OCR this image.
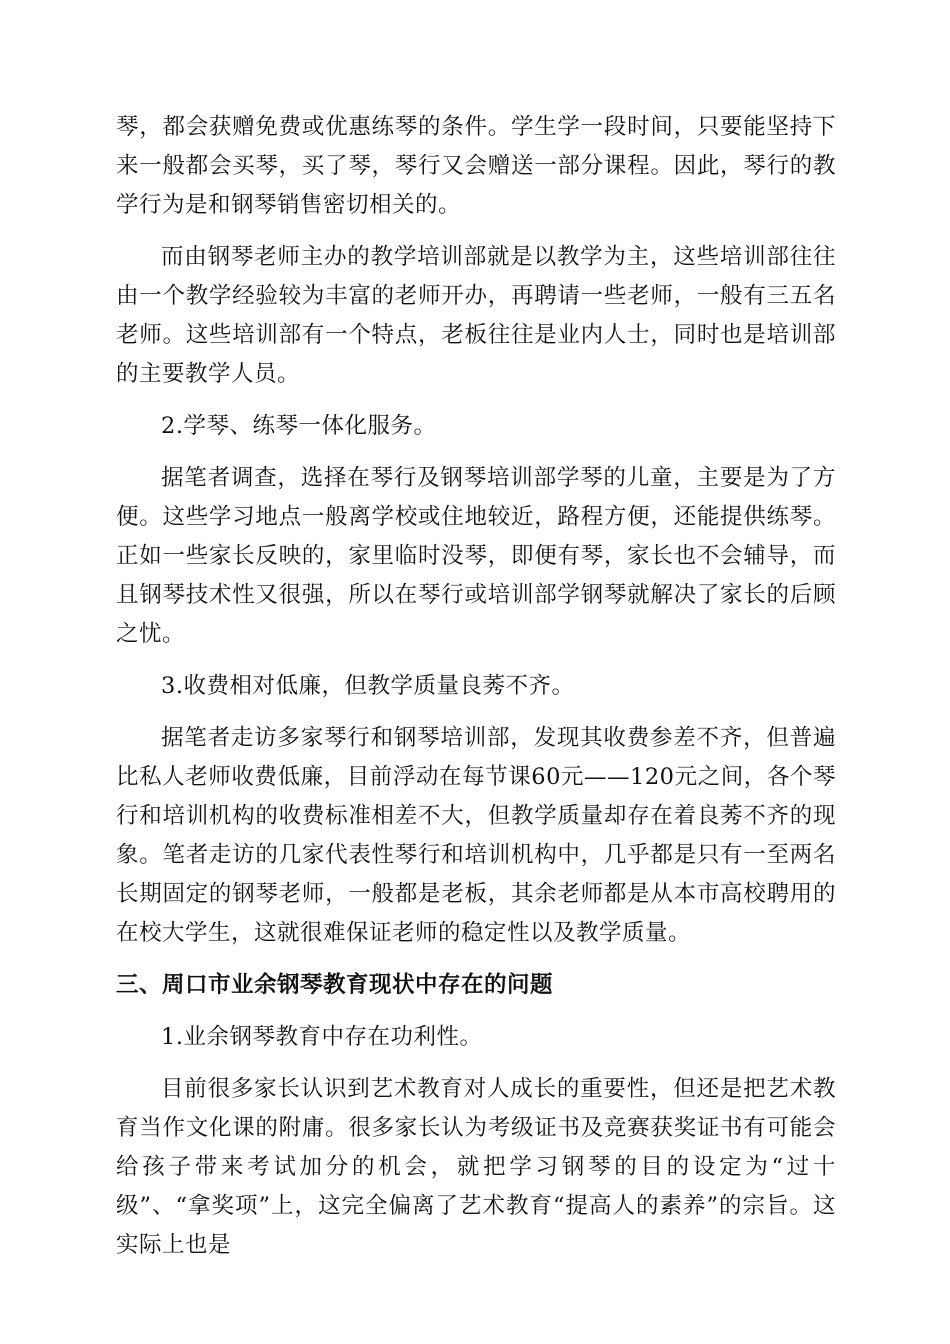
琴，都会获赠免费或优惠练琴的条件。学生学一段时间，只要能坚持下来一般都会买琴，买了琴，琴行又会赠送一部分课程。因此，琴行的教学行为是和钢琴销售密切相关的。

而由钢琴老师主办的教学培训部就是以教学为主，这些培训部往往由一个教学经验较为丰富的老师开办，再聘请一些老师，一般有三五名老师。这些培训部有一个特点，老板往往是业内人士，同时也是培训部的主要教学人员。

2.学琴、练琴一体化服务。

据笔者调查，选择在琴行及钢琴培训部学琴的儿童，主要是为了方便。这些学习地点一般离学校或住地较近，路程方便，还能提供练琴。正如一些家长反映的，家里临时没琴，即便有琴，家长也不会辅导，而且钢琴技术性又很强，所以在琴行或培训部学钢琴就解决了家长的后顾之忧。

3.收费相对低廉，但教学质量良莠不齐。

据笔者走访多家琴行和钢琴培训部，发现其收费参差不齐，但普遍比私人老师收费低廉，目前浮动在每节课60元——120元之间，各个琴行和培训机构的收费标准相差不大，但教学质量却存在着良莠不齐的现象。笔者走访的几家代表性琴行和培训机构中，几乎都是只有一至两名长期固定的钢琴老师，一般都是老板，其余老师都是从本市高校聘用的在校大学生，这就很难保证老师的稳定性以及教学质量。

三、周口市业余钢琴教育现状中存在的问题

1.业余钢琴教育中存在功利性。

目前很多家长认识到艺术教育对人成长的重要性，但还是把艺术教育当作文化课的附庸。很多家长认为考级证书及竞赛获奖证书有可能会给孩子带来考试加分的机会，就把学习钢琴的目的设定为“过十级”、“拿奖项”上，这完全偏离了艺术教育“提高人的素养”的宗旨。这实际上也是
